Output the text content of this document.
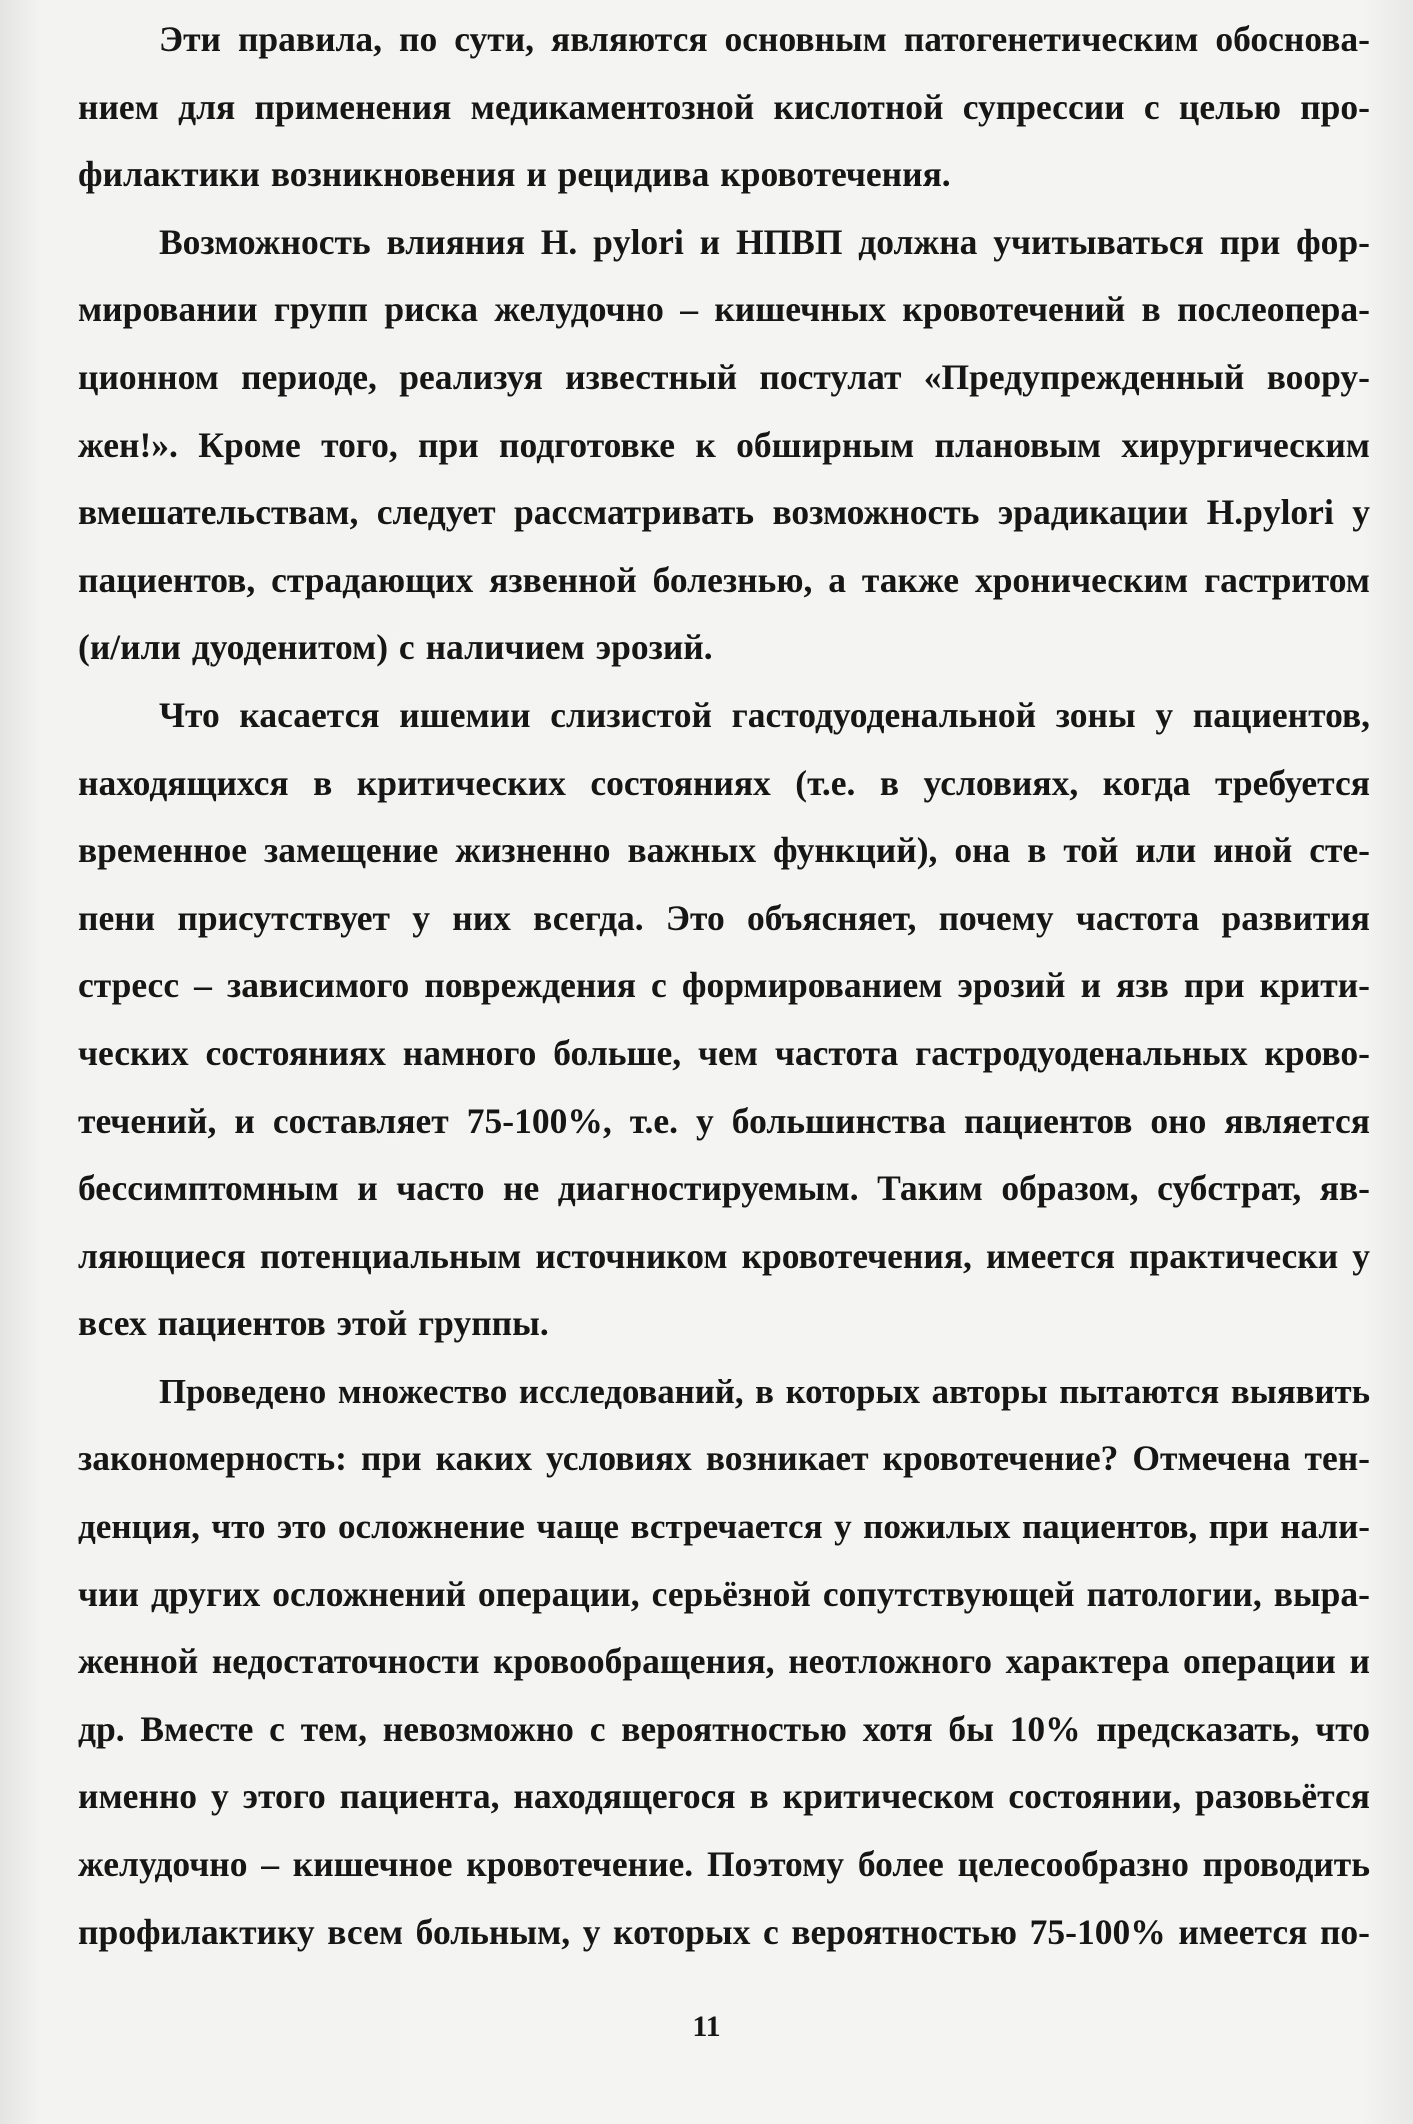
Эти правила, по сути, являются основным патогенетическим обоснова-
нием для применения медикаментозной кислотной супрессии с целью про-
филактики возникновения и рецидива кровотечения.

Возможность влияния H. pylori и НПВП должна учитываться при фор-
мировании групп риска желудочно – кишечных кровотечений в послеопера-
ционном периоде, реализуя известный постулат «Предупрежденный воору-
жен!». Кроме того, при подготовке к обширным плановым хирургическим
вмешательствам, следует рассматривать возможность эрадикации H.pylori у
пациентов, страдающих язвенной болезнью, а также хроническим гастритом
(и/или дуоденитом) с наличием эрозий.

Что касается ишемии слизистой гастодуоденальной зоны у пациентов,
находящихся в критических состояниях (т.е. в условиях, когда требуется
временное замещение жизненно важных функций), она в той или иной сте-
пени присутствует у них всегда. Это объясняет, почему частота развития
стресс – зависимого повреждения с формированием эрозий и язв при крити-
ческих состояниях намного больше, чем частота гастродуоденальных крово-
течений, и составляет 75-100%, т.е. у большинства пациентов оно является
бессимптомным и часто не диагностируемым. Таким образом, субстрат, яв-
ляющиеся потенциальным источником кровотечения, имеется практически у
всех пациентов этой группы.

Проведено множество исследований, в которых авторы пытаются выявить
закономерность: при каких условиях возникает кровотечение? Отмечена тен-
денция, что это осложнение чаще встречается у пожилых пациентов, при нали-
чии других осложнений операции, серьёзной сопутствующей патологии, выра-
женной недостаточности кровообращения, неотложного характера операции и
др. Вместе с тем, невозможно с вероятностью хотя бы 10% предсказать, что
именно у этого пациента, находящегося в критическом состоянии, разовьётся
желудочно – кишечное кровотечение. Поэтому более целесообразно проводить
профилактику всем больным, у которых с вероятностью 75-100% имеется по-

11
